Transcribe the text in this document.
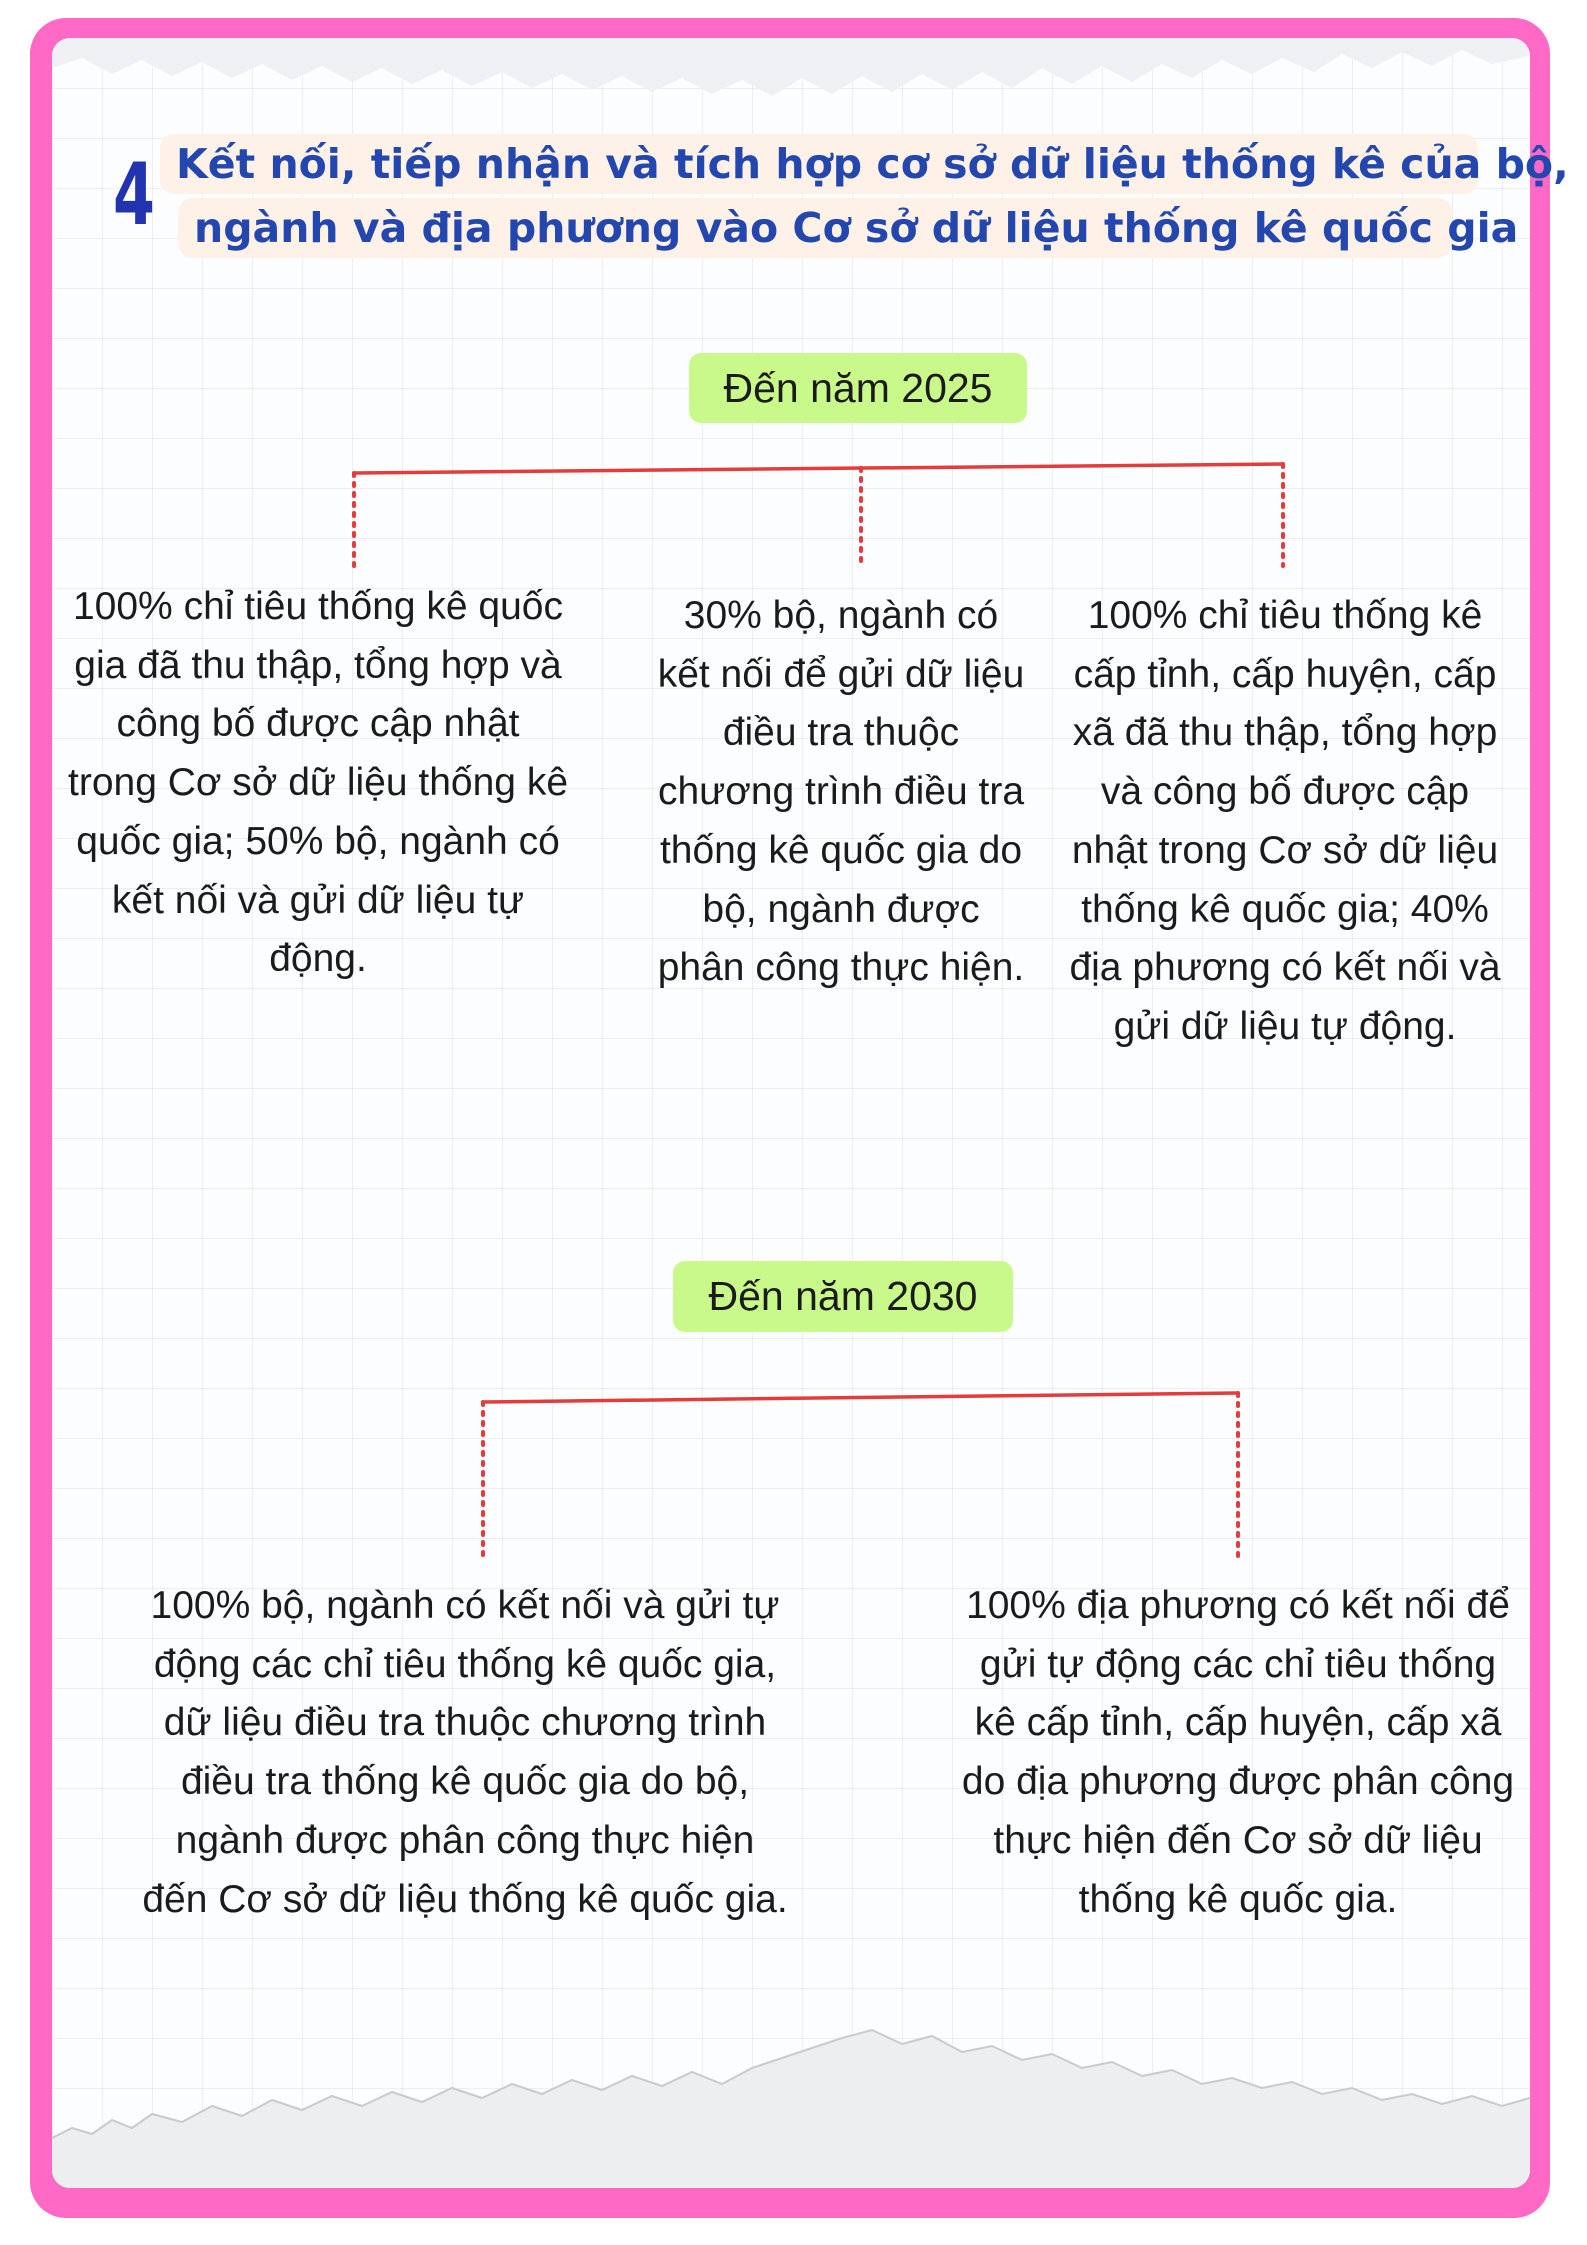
4 Kết nối, tiếp nhận và tích hợp cơ sở dữ liệu thống kê của bộ,
ngành và địa phương vào Cơ sở dữ liệu thống kê quốc gia
Đến năm 2025
100% chỉ tiêu thống kê quốc gia đã thu thập, tổng hợp và công bố được cập nhật trong Cơ sở dữ liệu thống kê quốc gia; 50% bộ, ngành có kết nối và gửi dữ liệu tự động.
30% bộ, ngành có kết nối để gửi dữ liệu điều tra thuộc chương trình điều tra thống kê quốc gia do bộ, ngành được phân công thực hiện.
100% chỉ tiêu thống kê cấp tỉnh, cấp huyện, cấp xã đã thu thập, tổng hợp và công bố được cập nhật trong Cơ sở dữ liệu thống kê quốc gia; 40% địa phương có kết nối và gửi dữ liệu tự động.
Đến năm 2030
100% bộ, ngành có kết nối và gửi tự động các chỉ tiêu thống kê quốc gia, dữ liệu điều tra thuộc chương trình điều tra thống kê quốc gia do bộ, ngành được phân công thực hiện đến Cơ sở dữ liệu thống kê quốc gia.
100% địa phương có kết nối để gửi tự động các chỉ tiêu thống kê cấp tỉnh, cấp huyện, cấp xã do địa phương được phân công thực hiện đến Cơ sở dữ liệu thống kê quốc gia.
